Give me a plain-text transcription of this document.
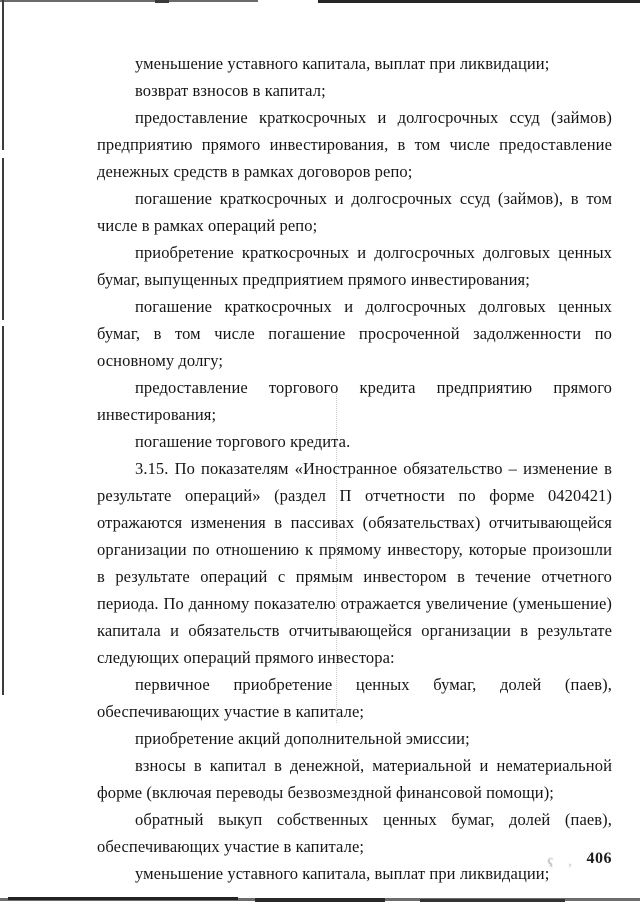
уменьшение уставного капитала, выплат при ликвидации;

возврат взносов в капитал;

предоставление краткосрочных и долгосрочных ссуд (займов) предприятию прямого инвестирования, в том числе предоставление денежных средств в рамках договоров репо;

погашение краткосрочных и долгосрочных ссуд (займов), в том числе в рамках операций репо;

приобретение краткосрочных и долгосрочных долговых ценных бумаг, выпущенных предприятием прямого инвестирования;

погашение краткосрочных и долгосрочных долговых ценных бумаг, в том числе погашение просроченной задолженности по основному долгу;

предоставление торгового кредита предприятию прямого инвестирования;

погашение торгового кредита.

3.15. По показателям «Иностранное обязательство – изменение в результате операций» (раздел П отчетности по форме 0420421) отражаются изменения в пассивах (обязательствах) отчитывающейся организации по отношению к прямому инвестору, которые произошли в результате операций с прямым инвестором в течение отчетного периода. По данному показателю отражается увеличение (уменьшение) капитала и обязательств отчитывающейся организации в результате следующих операций прямого инвестора:

первичное приобретение ценных бумаг, долей (паев), обеспечивающих участие в капитале;

приобретение акций дополнительной эмиссии;

взносы в капитал в денежной, материальной и нематериальной форме (включая переводы безвозмездной финансовой помощи);

обратный выкуп собственных ценных бумаг, долей (паев), обеспечивающих участие в капитале;

уменьшение уставного капитала, выплат при ликвидации;

ҁ ﹐ 406
